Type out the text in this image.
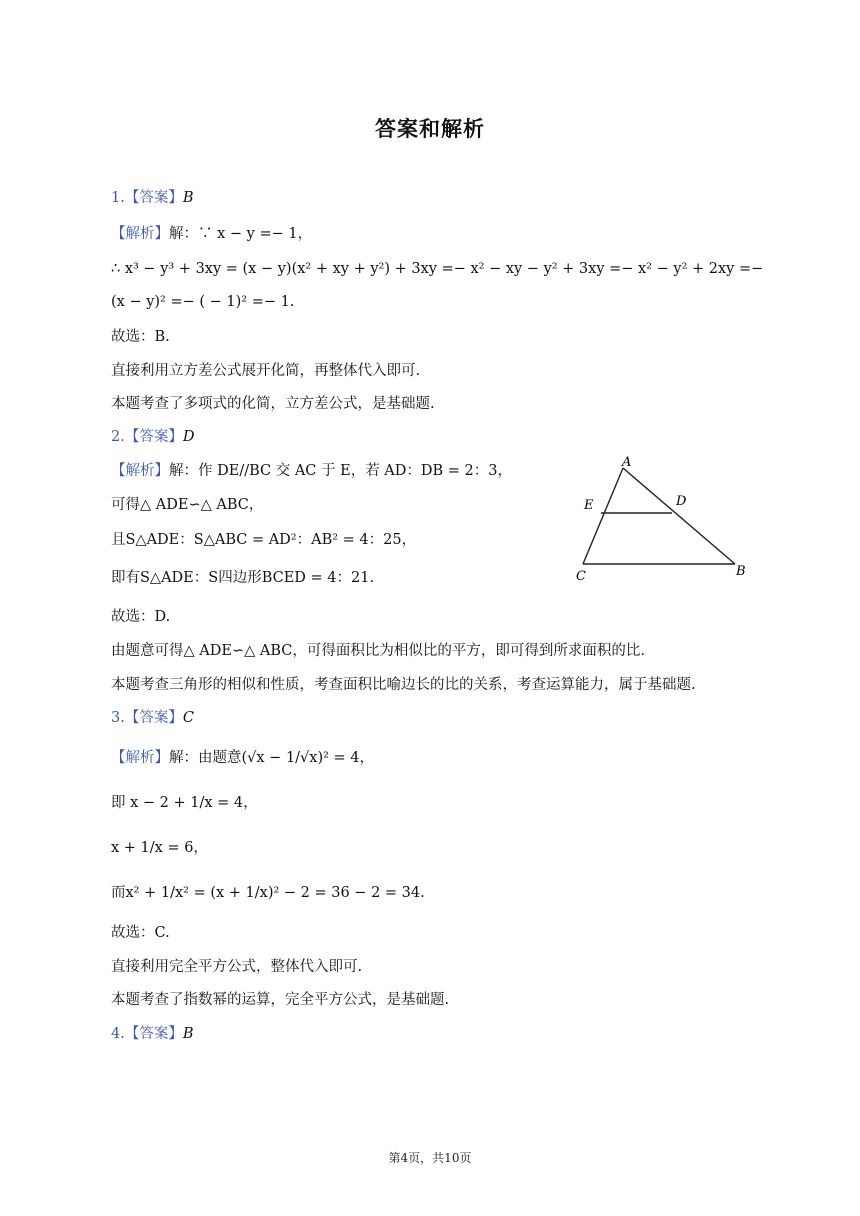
答案和解析
1.【答案】B
【解析】解：∵ x − y =− 1，
∴ x³ − y³ + 3xy = (x − y)(x² + xy + y²) + 3xy =− x² − xy − y² + 3xy =− x² − y² + 2xy =−
(x − y)² =− ( − 1)² =− 1.
故选：B.
直接利用立方差公式展开化简，再整体代入即可.
本题考查了多项式的化简，立方差公式，是基础题.
2.【答案】D
【解析】解：作 DE//BC 交 AC 于 E，若 AD：DB = 2：3，
可得△ ADE∽△ ABC，
且S△ADE：S△ABC = AD²：AB² = 4：25，
即有S△ADE：S四边形BCED = 4：21.
故选：D.
由题意可得△ ADE∽△ ABC，可得面积比为相似比的平方，即可得到所求面积的比.
本题考查三角形的相似和性质，考查面积比喻边长的比的关系，考查运算能力，属于基础题.
A
E	D
C	B
3.【答案】C
【解析】解：由题意(√x − 1/√x)² = 4，
即 x − 2 + 1/x = 4，
x + 1/x = 6，
而x² + 1/x² = (x + 1/x)² − 2 = 36 − 2 = 34.
故选：C.
直接利用完全平方公式，整体代入即可.
本题考查了指数幂的运算，完全平方公式，是基础题.
4.【答案】B
第4页，共10页
